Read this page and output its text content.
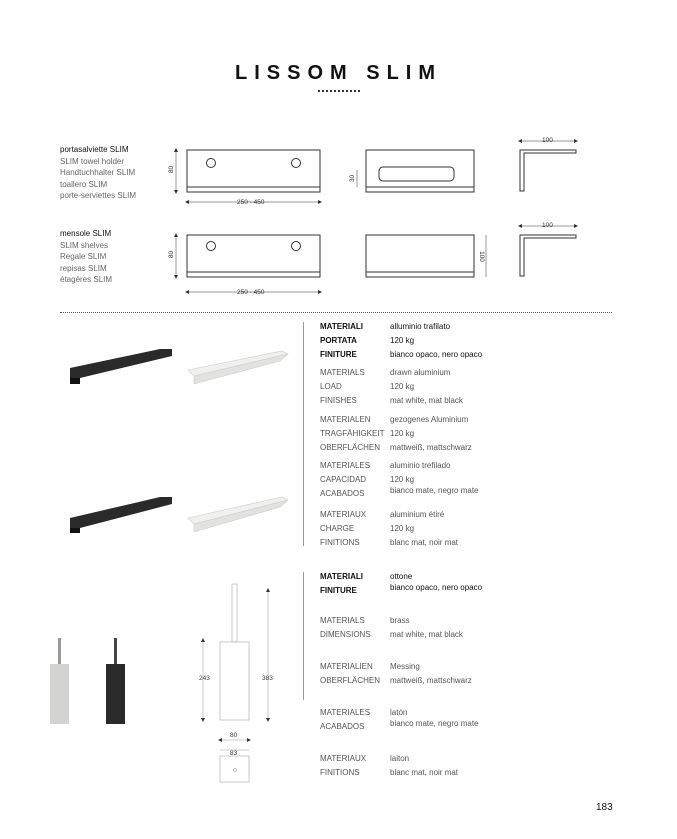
LISSOM SLIM
portasalviette SLIM
SLIM towel holder
Handtuchhalter SLIM
toallero SLIM
porte-serviettes SLIM
mensole SLIM
SLIM shelves
Regale SLIM
repisas SLIM
étagères SLIM
80
250 - 450
30
100
80
250 - 450
100
100
MATERIALI	alluminio trafilato
PORTATA	120 kg
FINITURE	bianco opaco, nero opaco
MATERIALS	drawn aluminium
LOAD	120 kg
FINISHES	mat white, mat black
MATERIALEN gezogenes Aluminium
TRAGFÄHIGKEIT 120 kg
OBERFLÄCHEN mattweiß, mattschwarz
MATERIALES aluminio trefilado
CAPACIDAD	120 kg
ACABADOS	bianco mate, negro mate
MATERIAUX	aluminium étiré
CHARGE	120 kg
FINITIONS	blanc mat, noir mat
243	383
80
83
MATERIALI	ottone
FINITURE	bianco opaco, nero opaco
MATERIALS	brass
DIMENSIONS mat white, mat black
MATERIALIEN Messing
OBERFLÄCHEN mattweiß, mattschwarz
MATERIALES latón
ACABADOS	bianco mate, negro mate
MATERIAUX	laiton
FINITIONS	blanc mat, noir mat
183
